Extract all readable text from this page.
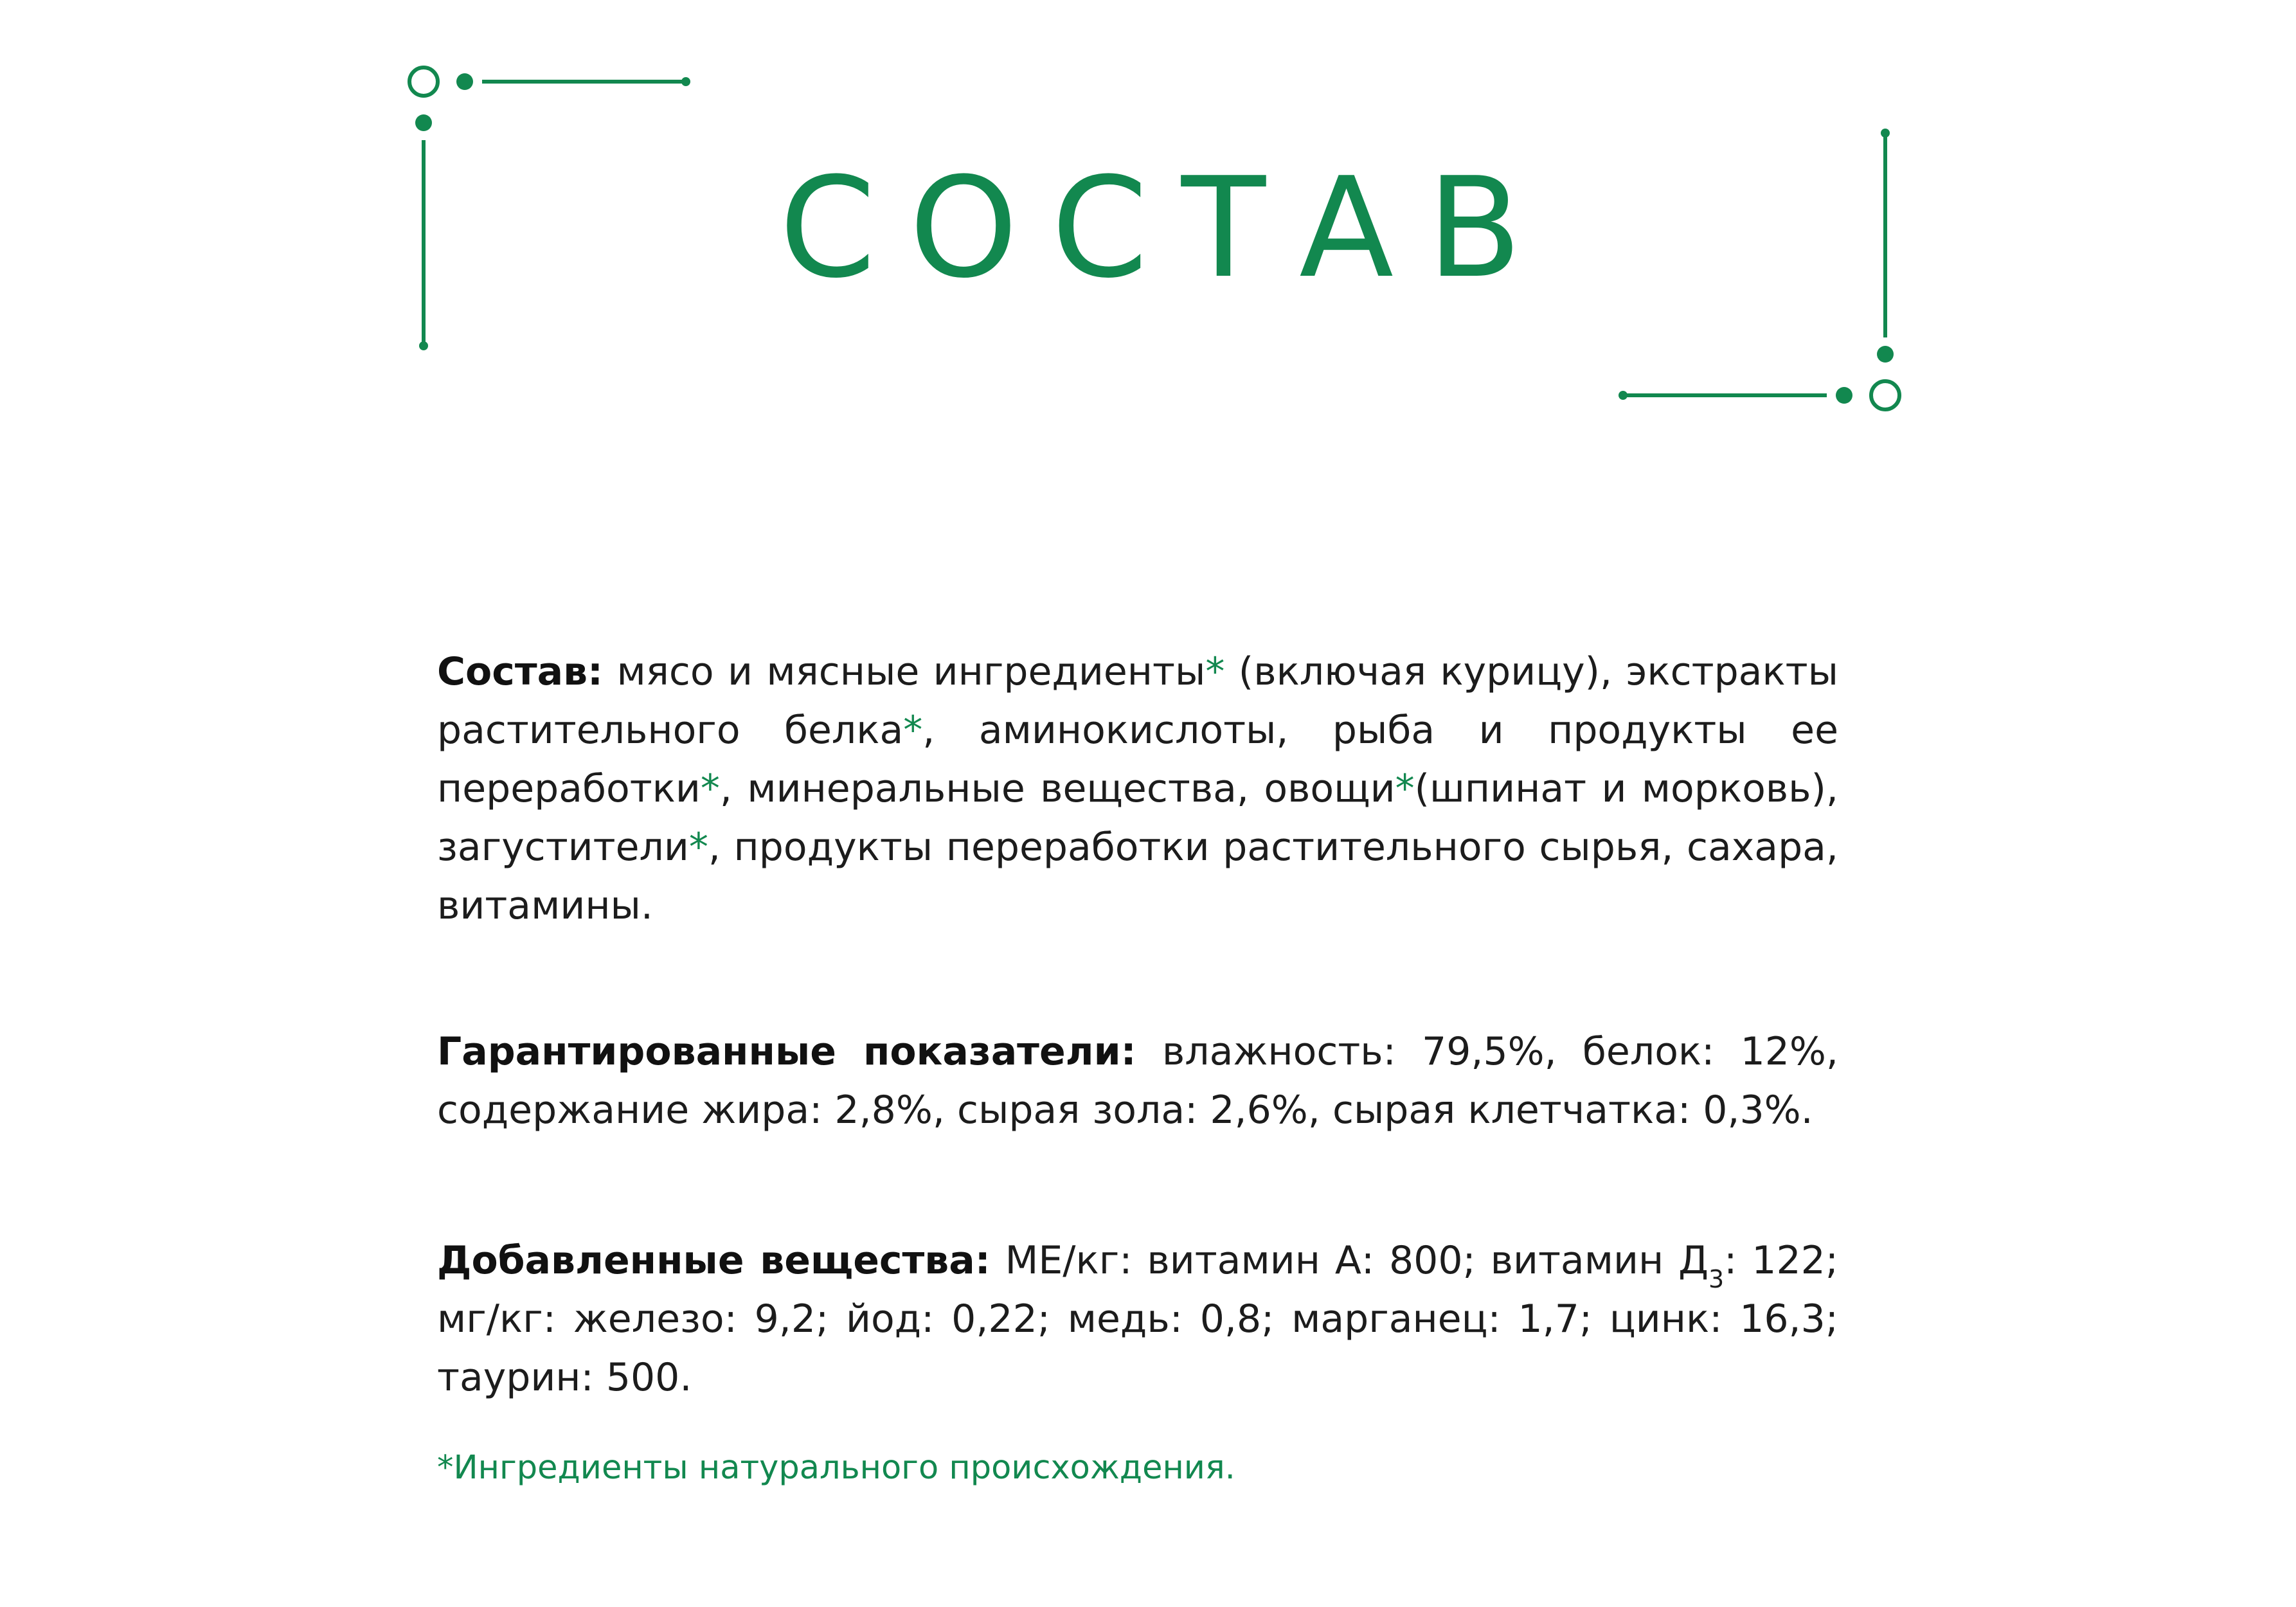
СОСТАВ

Состав: мясо и мясные ингредиенты* (включая курицу), экстракты растительного белка*, аминокислоты, рыба и продукты ее переработки*, минеральные вещества, овощи*(шпинат и морковь), загустители*, продукты переработки растительного сырья, сахара, витамины.

Гарантированные показатели: влажность: 79,5%, белок: 12%, содержание жира: 2,8%, сырая зола: 2,6%, сырая клетчатка: 0,3%.

Добавленные вещества: МЕ/кг: витамин А: 800; витамин $Д_3$: 122; мг/кг: железо: 9,2; йод: 0,22; медь: 0,8; марганец: 1,7; цинк: 16,3; таурин: 500.

*Ингредиенты натурального происхождения.
